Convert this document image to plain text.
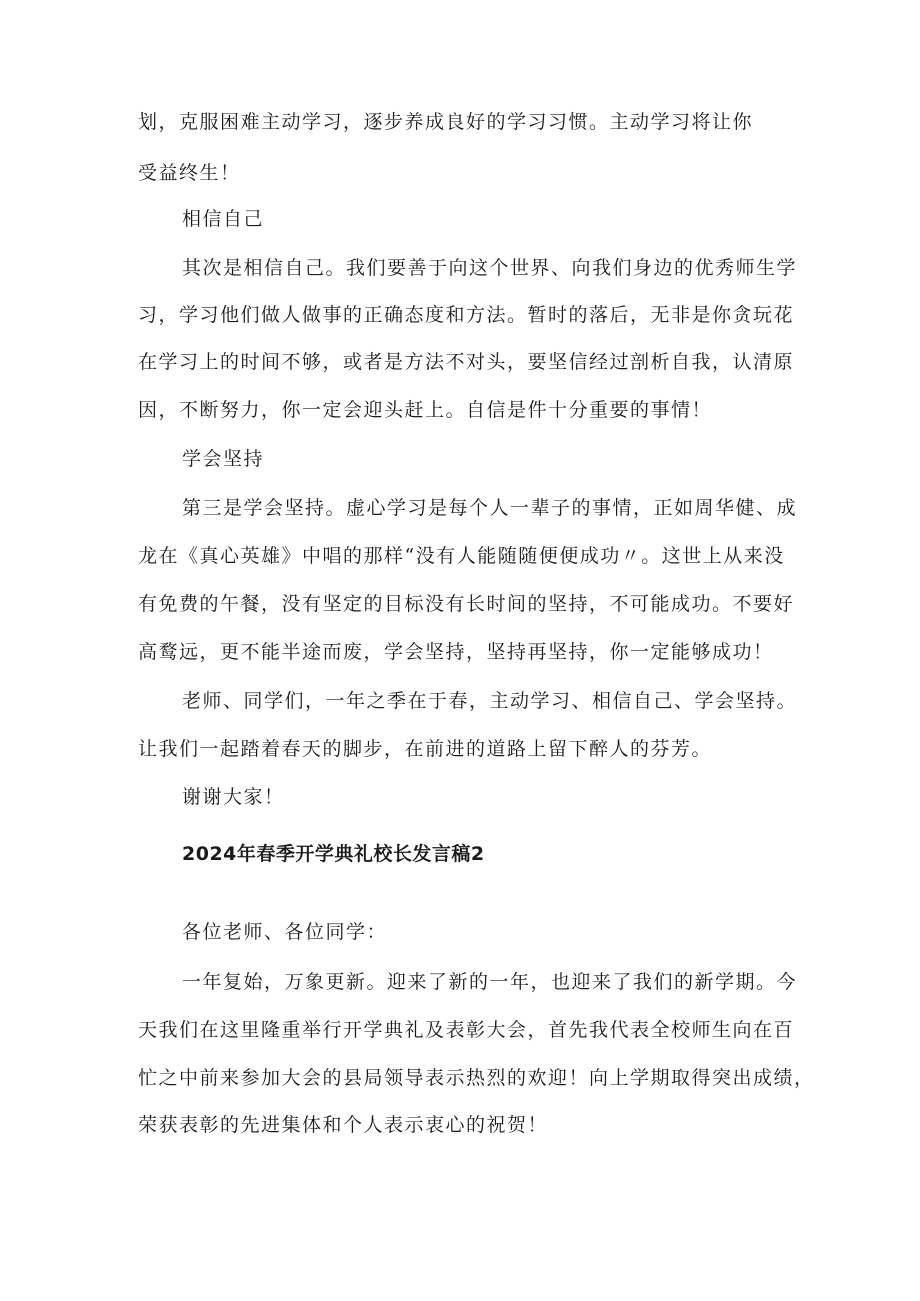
划，克服困难主动学习，逐步养成良好的学习习惯。主动学习将让你
受益终生！
相信自己
其次是相信自己。我们要善于向这个世界、向我们身边的优秀师生学
习，学习他们做人做事的正确态度和方法。暂时的落后，无非是你贪玩花
在学习上的时间不够，或者是方法不对头，要坚信经过剖析自我，认清原
因，不断努力，你一定会迎头赶上。自信是件十分重要的事情！
学会坚持
第三是学会坚持。虚心学习是每个人一辈子的事情，正如周华健、成
龙在《真心英雄》中唱的那样“没有人能随随便便成功〃。这世上从来没
有免费的午餐，没有坚定的目标没有长时间的坚持，不可能成功。不要好
高鹜远，更不能半途而废，学会坚持，坚持再坚持，你一定能够成功！
老师、同学们，一年之季在于春，主动学习、相信自己、学会坚持。
让我们一起踏着春天的脚步，在前进的道路上留下醉人的芬芳。
谢谢大家！
2024年春季开学典礼校长发言稿2
各位老师、各位同学：
一年复始，万象更新。迎来了新的一年，也迎来了我们的新学期。今
天我们在这里隆重举行开学典礼及表彰大会，首先我代表全校师生向在百
忙之中前来参加大会的县局领导表示热烈的欢迎！向上学期取得突出成绩，
荣获表彰的先进集体和个人表示衷心的祝贺！
